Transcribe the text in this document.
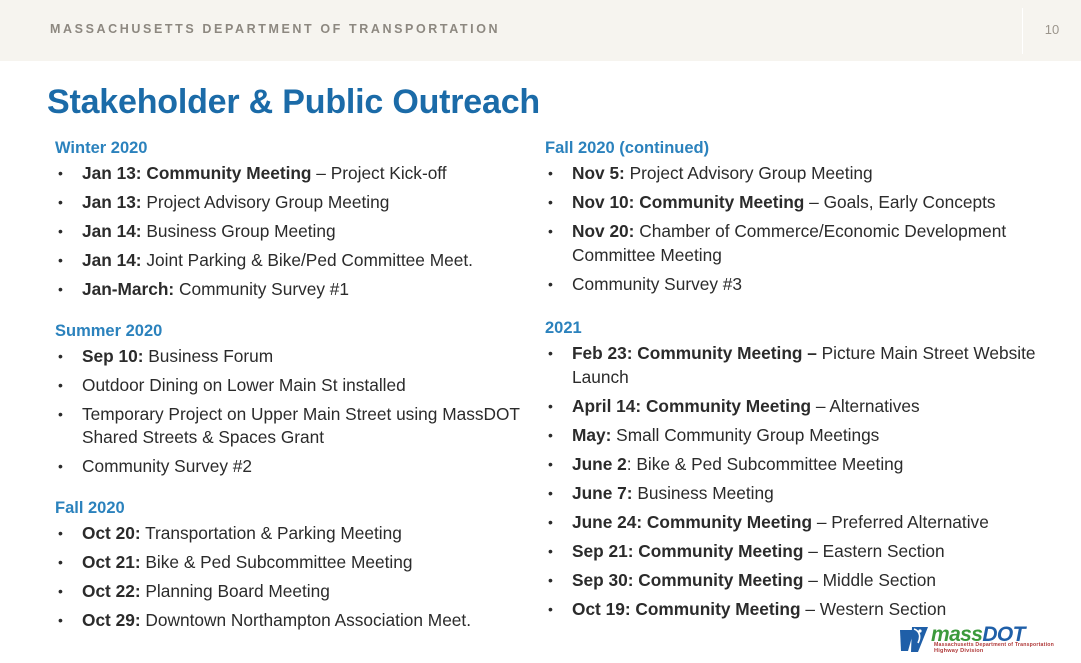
MASSACHUSETTS DEPARTMENT OF TRANSPORTATION	10
Stakeholder & Public Outreach
Winter 2020
• Jan 13: Community Meeting – Project Kick-off
• Jan 13: Project Advisory Group Meeting
• Jan 14: Business Group Meeting
• Jan 14: Joint Parking & Bike/Ped Committee Meet.
• Jan-March: Community Survey #1
Summer 2020
• Sep 10: Business Forum
• Outdoor Dining on Lower Main St installed
• Temporary Project on Upper Main Street using MassDOT Shared Streets & Spaces Grant
• Community Survey #2
Fall 2020
• Oct 20: Transportation & Parking Meeting
• Oct 21: Bike & Ped Subcommittee Meeting
• Oct 22: Planning Board Meeting
• Oct 29: Downtown Northampton Association Meet.
Fall 2020 (continued)
• Nov 5: Project Advisory Group Meeting
• Nov 10: Community Meeting – Goals, Early Concepts
• Nov 20: Chamber of Commerce/Economic Development Committee Meeting
• Community Survey #3
2021
• Feb 23: Community Meeting – Picture Main Street Website Launch
• April 14: Community Meeting – Alternatives
• May: Small Community Group Meetings
• June 2: Bike & Ped Subcommittee Meeting
• June 7: Business Meeting
• June 24: Community Meeting – Preferred Alternative
• Sep 21: Community Meeting – Eastern Section
• Sep 30: Community Meeting – Middle Section
• Oct 19: Community Meeting – Western Section
massDOT
Massachusetts Department of Transportation
Highway Division
